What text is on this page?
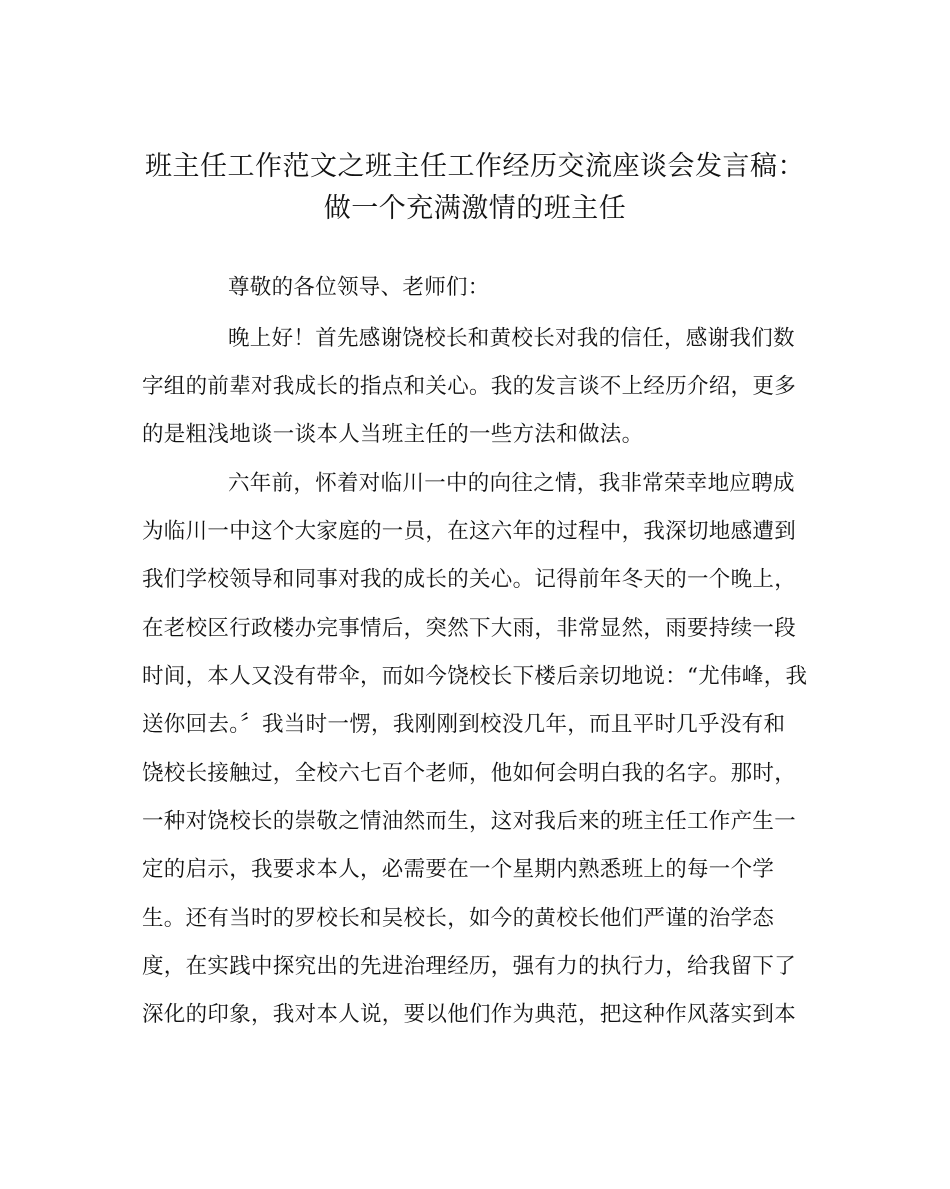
班主任工作范文之班主任工作经历交流座谈会发言稿：
做一个充满激情的班主任
尊敬的各位领导、老师们：
晚上好！首先感谢饶校长和黄校长对我的信任，感谢我们数
字组的前辈对我成长的指点和关心。我的发言谈不上经历介绍，更多
的是粗浅地谈一谈本人当班主任的一些方法和做法。
六年前，怀着对临川一中的向往之情，我非常荣幸地应聘成
为临川一中这个大家庭的一员，在这六年的过程中，我深切地感遭到
我们学校领导和同事对我的成长的关心。记得前年冬天的一个晚上，
在老校区行政楼办完事情后，突然下大雨，非常显然，雨要持续一段
时间，本人又没有带伞，而如今饶校长下楼后亲切地说：“尤伟峰，我
送你回去。〞我当时一愣，我刚刚到校没几年，而且平时几乎没有和
饶校长接触过，全校六七百个老师，他如何会明白我的名字。那时，
一种对饶校长的崇敬之情油然而生，这对我后来的班主任工作产生一
定的启示，我要求本人，必需要在一个星期内熟悉班上的每一个学
生。还有当时的罗校长和吴校长，如今的黄校长他们严谨的治学态
度，在实践中探究出的先进治理经历，强有力的执行力，给我留下了
深化的印象，我对本人说，要以他们作为典范，把这种作风落实到本
